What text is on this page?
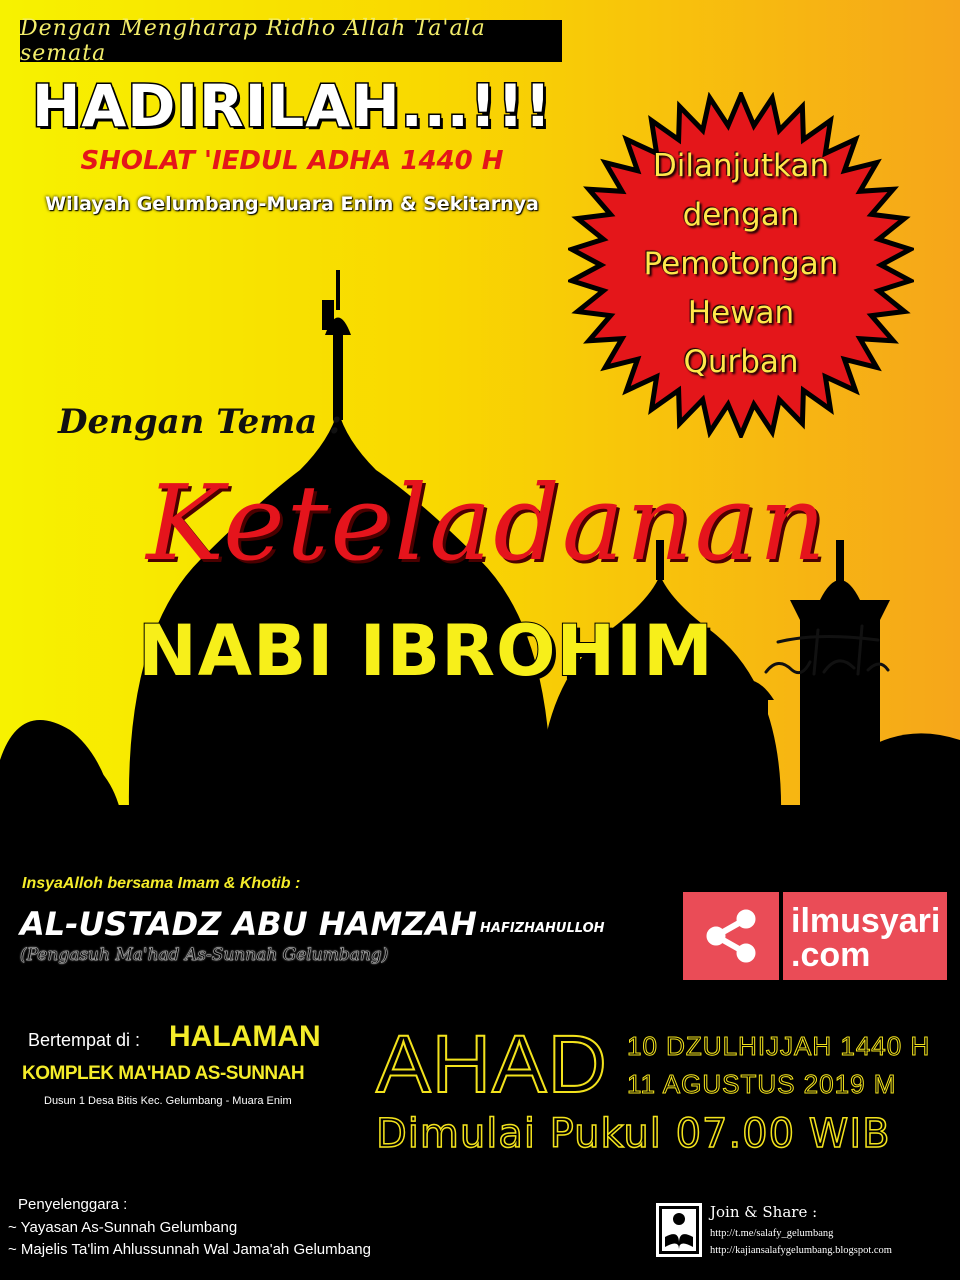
Dengan Mengharap Ridho Allah Ta'ala semata
HADIRILAH...!!!
SHOLAT 'IEDUL ADHA 1440 H
Wilayah Gelumbang-Muara Enim & Sekitarnya
Dilanjutkan
dengan
Pemotongan
Hewan
Qurban
Dengan Tema :
Keteladanan
NABI IBROHIM
InsyaAlloh bersama Imam & Khotib :
AL-USTADZ ABU HAMZAH HAFIZHAHULLOH
(Pengasuh Ma'had As-Sunnah Gelumbang)
ilmusyari
.com
Bertempat di : HALAMAN
KOMPLEK MA'HAD AS-SUNNAH
Dusun 1 Desa Bitis Kec. Gelumbang - Muara Enim AHAD 10 DZULHIJJAH 1440 H
11 AGUSTUS 2019 M
Dimulai Pukul 07.00 WIB
Penyelenggara :
~ Yayasan As-Sunnah Gelumbang
~ Majelis Ta'lim Ahlussunnah Wal Jama'ah Gelumbang
Join & Share :
http://t.me/salafy_gelumbang
http://kajiansalafygelumbang.blogspot.com
